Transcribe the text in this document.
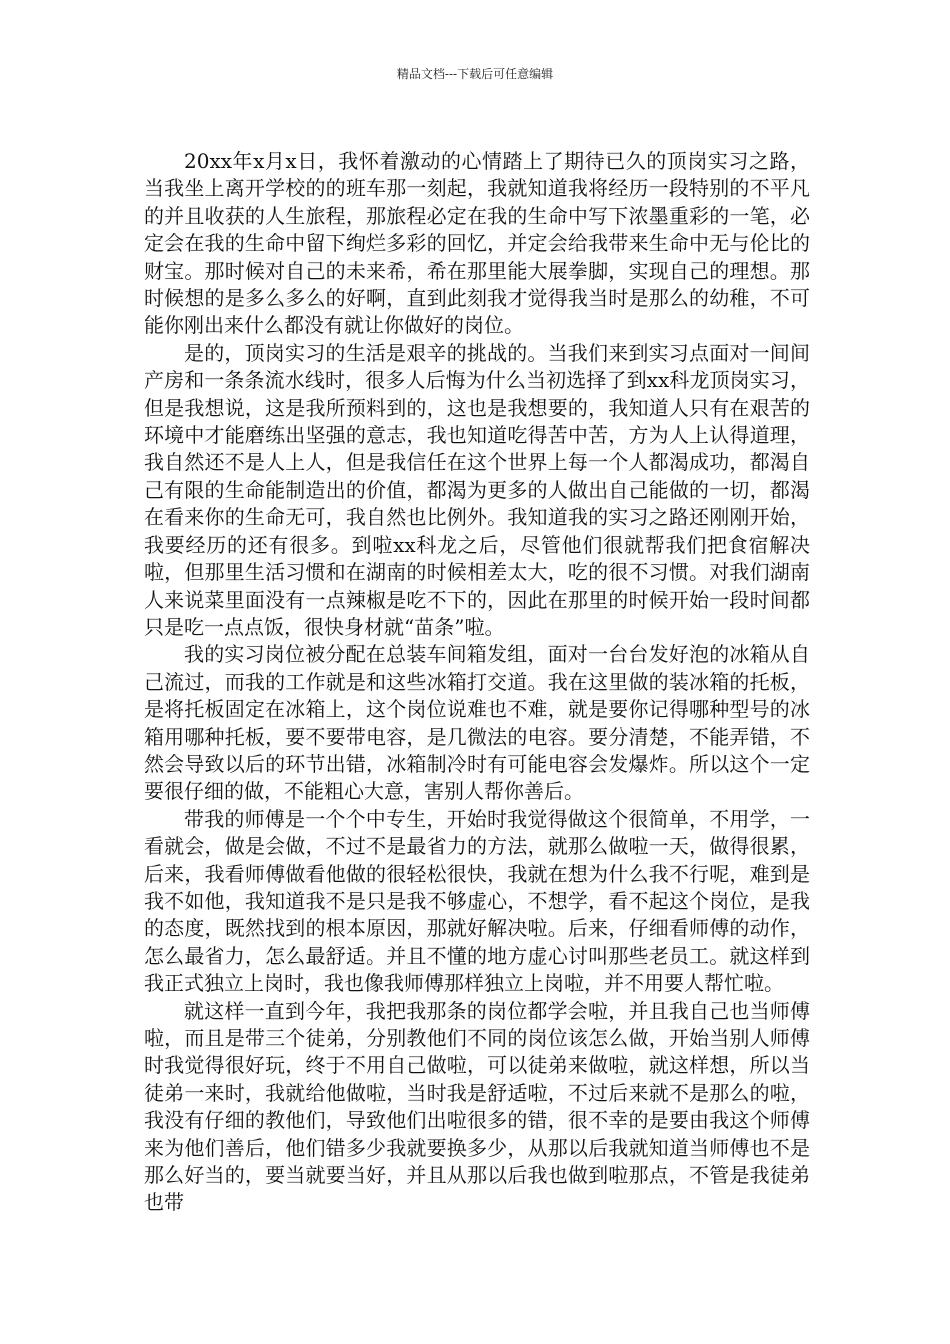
精品文档---下载后可任意编辑

20xx年x月x日，我怀着激动的心情踏上了期待已久的顶岗实习之路，当我坐上离开学校的的班车那一刻起，我就知道我将经历一段特别的不平凡的并且收获的人生旅程，那旅程必定在我的生命中写下浓墨重彩的一笔，必定会在我的生命中留下绚烂多彩的回忆，并定会给我带来生命中无与伦比的财宝。那时候对自己的未来希，希在那里能大展拳脚，实现自己的理想。那时候想的是多么多么的好啊，直到此刻我才觉得我当时是那么的幼稚，不可能你刚出来什么都没有就让你做好的岗位。

是的，顶岗实习的生活是艰辛的挑战的。当我们来到实习点面对一间间产房和一条条流水线时，很多人后悔为什么当初选择了到xx科龙顶岗实习，但是我想说，这是我所预料到的，这也是我想要的，我知道人只有在艰苦的环境中才能磨练出坚强的意志，我也知道吃得苦中苦，方为人上认得道理，我自然还不是人上人，但是我信任在这个世界上每一个人都渴成功，都渴自己有限的生命能制造出的价值，都渴为更多的人做出自己能做的一切，都渴在看来你的生命无可，我自然也比例外。我知道我的实习之路还刚刚开始，我要经历的还有很多。到啦xx科龙之后，尽管他们很就帮我们把食宿解决啦，但那里生活习惯和在湖南的时候相差太大，吃的很不习惯。对我们湖南人来说菜里面没有一点辣椒是吃不下的，因此在那里的时候开始一段时间都只是吃一点点饭，很快身材就“苗条”啦。

我的实习岗位被分配在总装车间箱发组，面对一台台发好泡的冰箱从自己流过，而我的工作就是和这些冰箱打交道。我在这里做的装冰箱的托板，是将托板固定在冰箱上，这个岗位说难也不难，就是要你记得哪种型号的冰箱用哪种托板，要不要带电容，是几微法的电容。要分清楚，不能弄错，不然会导致以后的环节出错，冰箱制冷时有可能电容会发爆炸。所以这个一定要很仔细的做，不能粗心大意，害别人帮你善后。

带我的师傅是一个个中专生，开始时我觉得做这个很简单，不用学，一看就会，做是会做，不过不是最省力的方法，就那么做啦一天，做得很累，后来，我看师傅做看他做的很轻松很快，我就在想为什么我不行呢，难到是我不如他，我知道我不是只是我不够虚心，不想学，看不起这个岗位，是我的态度，既然找到的根本原因，那就好解决啦。后来，仔细看师傅的动作，怎么最省力，怎么最舒适。并且不懂的地方虚心讨叫那些老员工。就这样到我正式独立上岗时，我也像我师傅那样独立上岗啦，并不用要人帮忙啦。

就这样一直到今年，我把我那条的岗位都学会啦，并且我自己也当师傅啦，而且是带三个徒弟，分别教他们不同的岗位该怎么做，开始当别人师傅时我觉得很好玩，终于不用自己做啦，可以徒弟来做啦，就这样想，所以当徒弟一来时，我就给他做啦，当时我是舒适啦，不过后来就不是那么的啦，我没有仔细的教他们，导致他们出啦很多的错，很不幸的是要由我这个师傅来为他们善后，他们错多少我就要换多少，从那以后我就知道当师傅也不是那么好当的，要当就要当好，并且从那以后我也做到啦那点，不管是我徒弟也带
